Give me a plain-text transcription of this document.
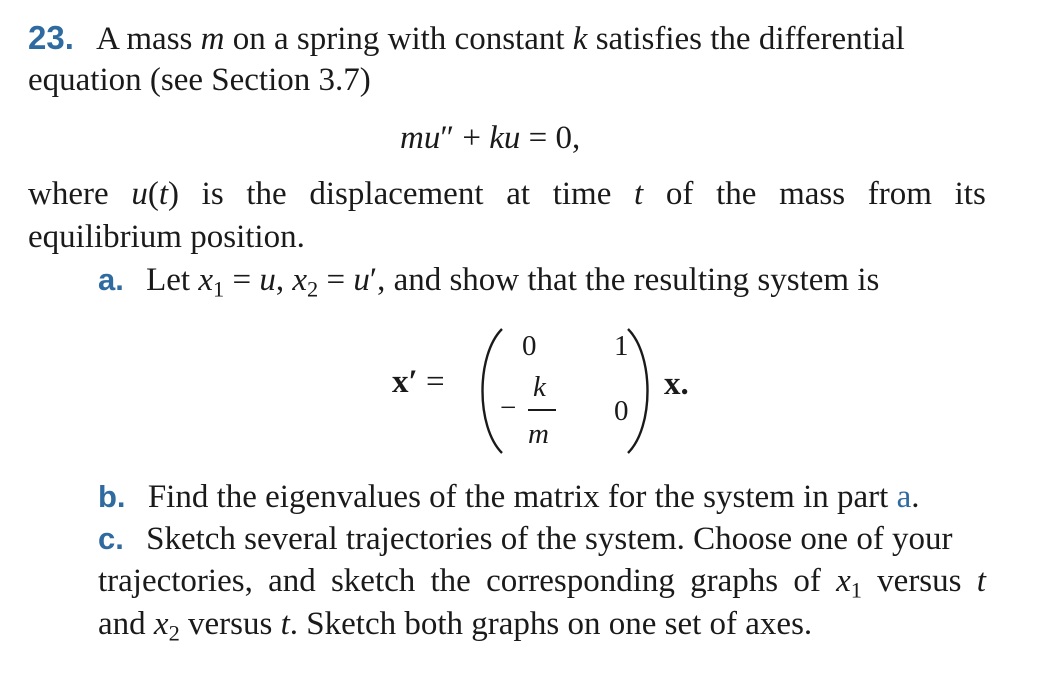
23. A mass m on a spring with constant k satisfies the differential
equation (see Section 3.7)
mu″ + ku = 0,
where u(t) is the displacement at time t of the mass from its
equilibrium position.
a. Let $x_1 = u$, $x_2 = u'$, and show that the resulting system is
x′ =
0	1
−
k
m
0
x.
b. Find the eigenvalues of the matrix for the system in part a.
c. Sketch several trajectories of the system. Choose one of your
trajectories, and sketch the corresponding graphs of $x_1$ versus t
and $x_2$ versus t. Sketch both graphs on one set of axes.
